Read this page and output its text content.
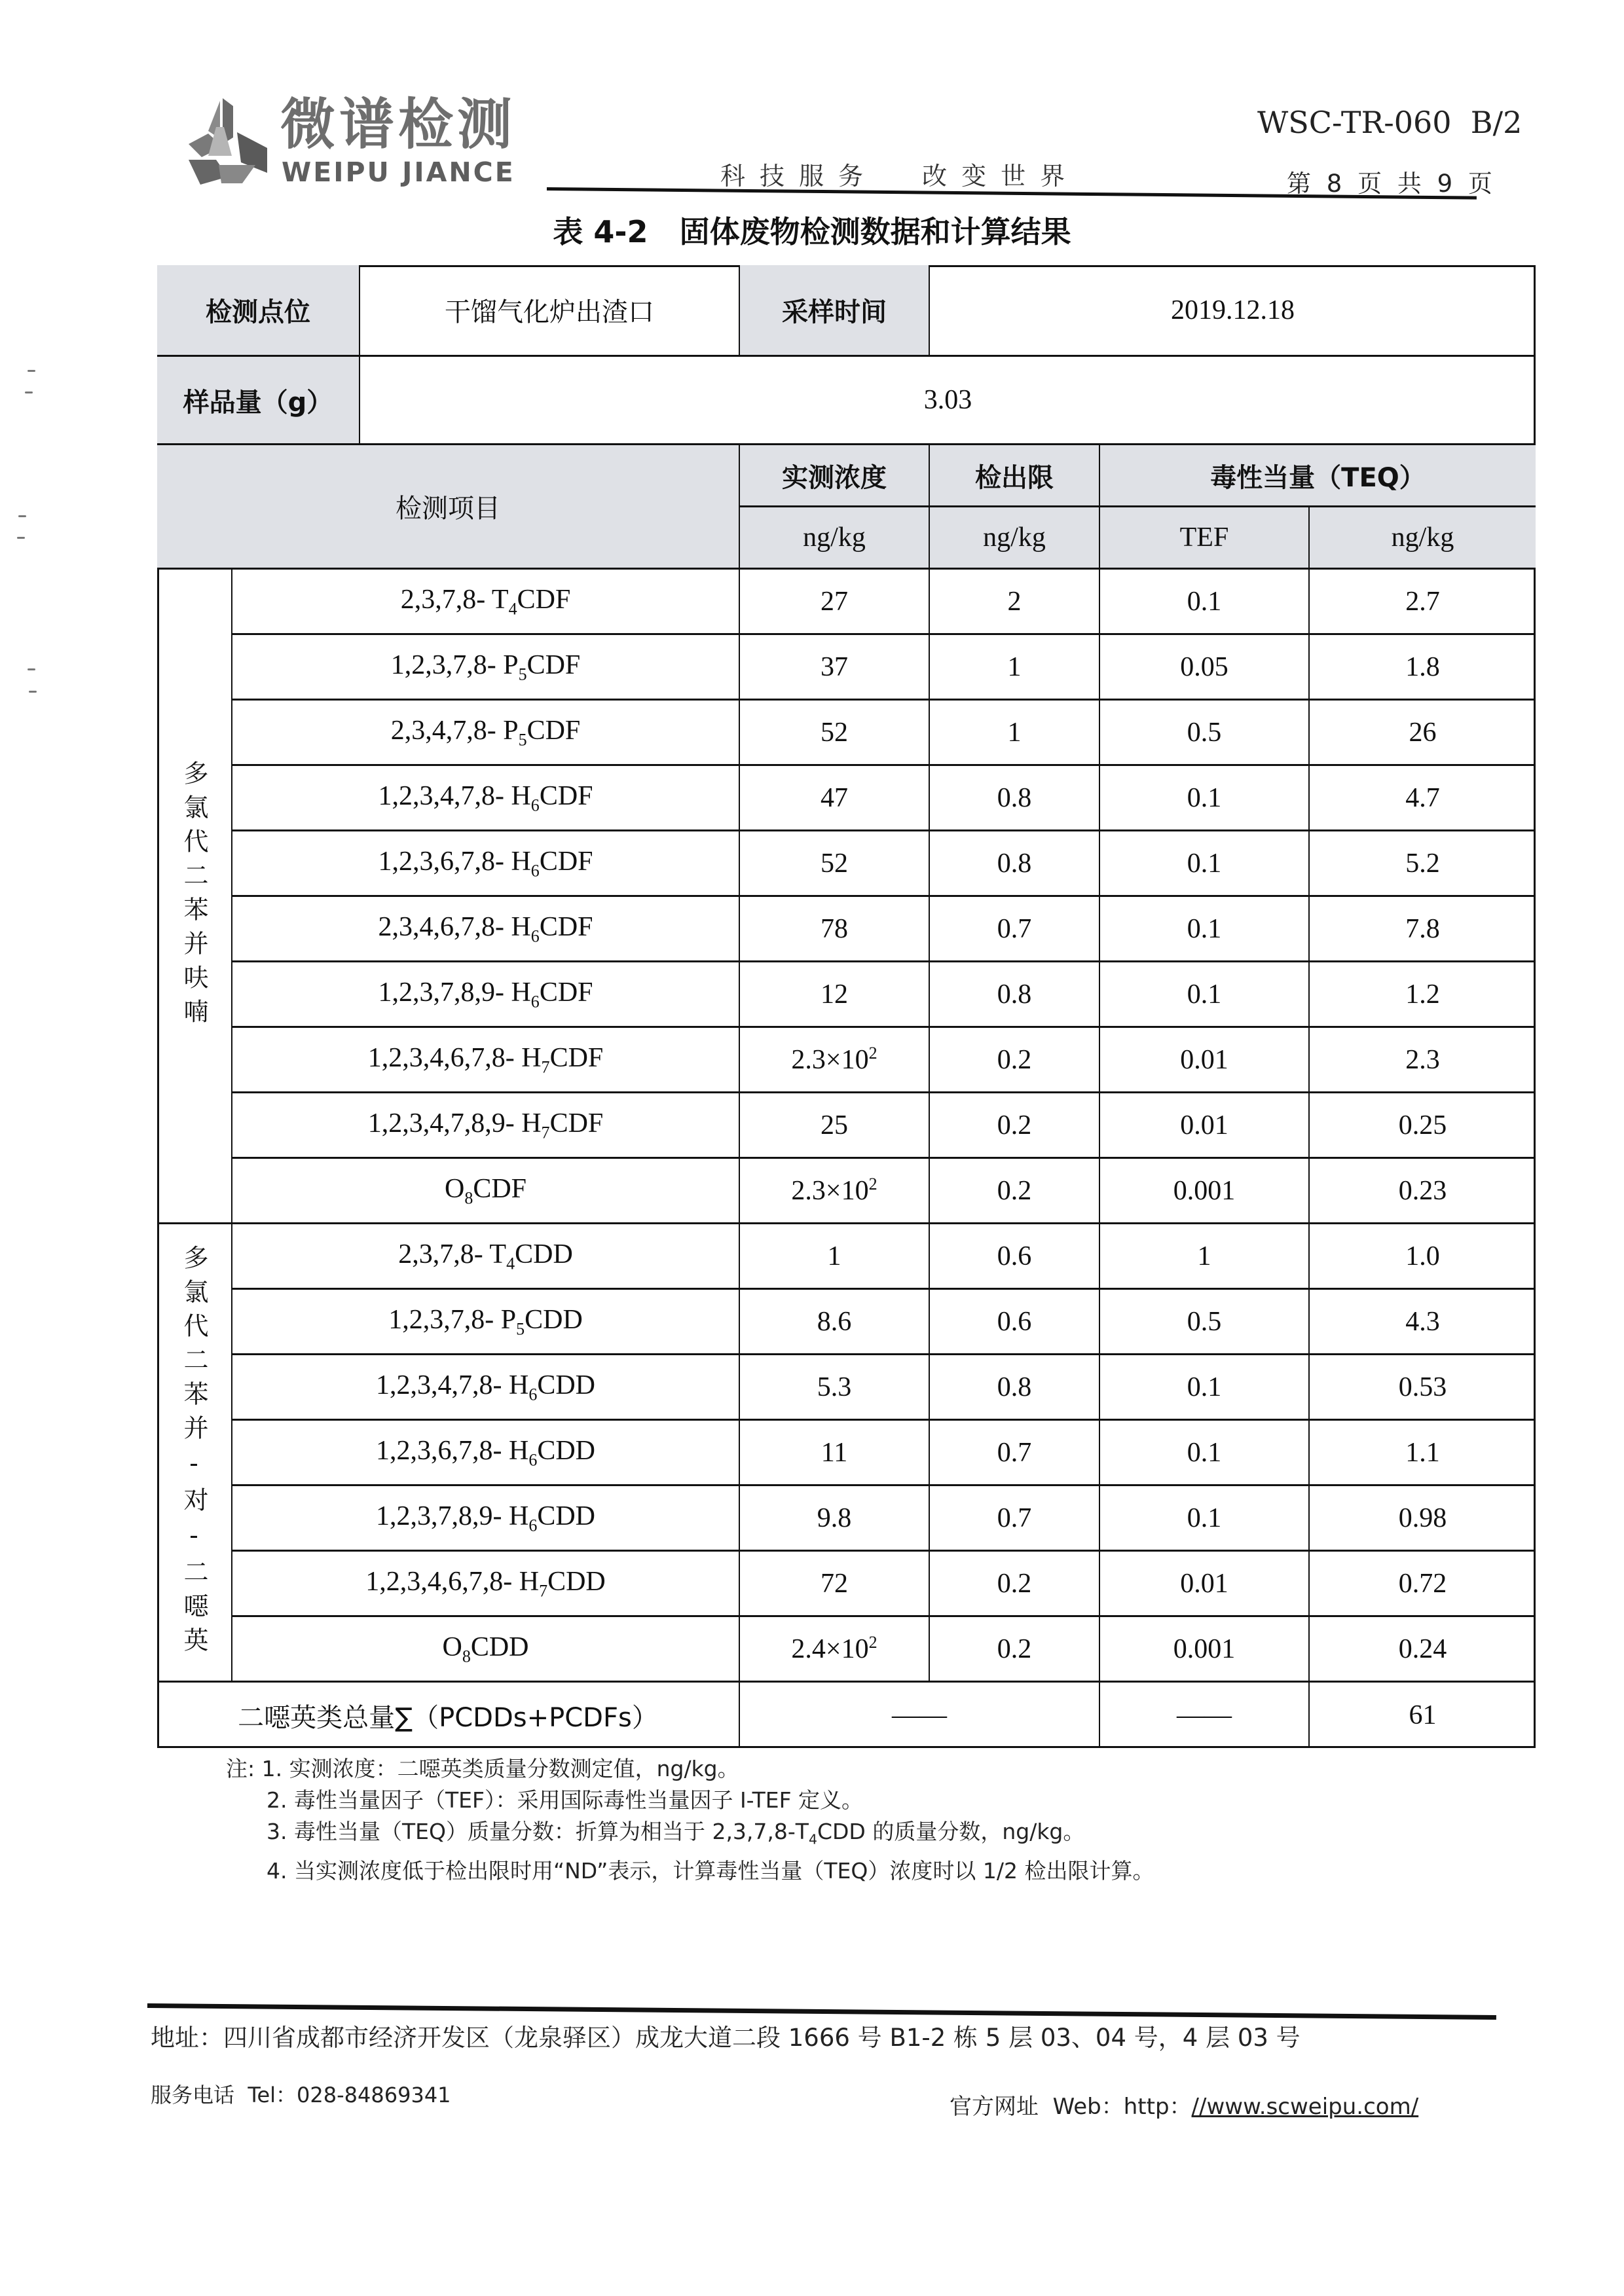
微谱检测
WEIPU JIANCE
WSC-TR-060  B/2
科技服务  改变世界	第 8 页 共 9 页
表 4-2   固体废物检测数据和计算结果
检测点位	干馏气化炉出渣口	采样时间	2019.12.18
样品量（g）	3.03
检测项目
实测浓度	检出限	毒性当量（TEQ）
ng/kg	ng/kg	TEF	ng/kg
多氯代二苯并呋喃
2,3,7,8- $T_4CDF$	27	2	0.1	2.7
1,2,3,7,8- $P_5CDF$	37	1	0.05	1.8
2,3,4,7,8- $P_5CDF$	52	1	0.5	26
1,2,3,4,7,8- $H_6CDF$	47	0.8	0.1	4.7
1,2,3,6,7,8- $H_6CDF$	52	0.8	0.1	5.2
2,3,4,6,7,8- $H_6CDF$	78	0.7	0.1	7.8
1,2,3,7,8,9- $H_6CDF$	12	0.8	0.1	1.2
1,2,3,4,6,7,8- $H_7CDF$	$2.3\times 10^2$	0.2	0.01	2.3
1,2,3,4,7,8,9- $H_7CDF$	25	0.2	0.01	0.25
$O_8CDF$	$2.3\times 10^2$	0.2	0.001	0.23
多氯代二苯并-对-二噁英	2,3,7,8- $T_4CDD$	1	0.6	1	1.0
1,2,3,7,8- $P_5CDD$	8.6	0.6	0.5	4.3
1,2,3,4,7,8- $H_6CDD$	5.3	0.8	0.1	0.53
1,2,3,6,7,8- $H_6CDD$	11	0.7	0.1	1.1
1,2,3,7,8,9- $H_6CDD$	9.8	0.7	0.1	0.98
1,2,3,4,6,7,8- $H_7CDD$	72	0.2	0.01	0.72
$O_8CDD$	$2.4\times 10^2$	0.2	0.001	0.24
二噁英类总量∑（PCDDs+PCDFs）	——	——	61
注: 1. 实测浓度：二噁英类质量分数测定值，ng/kg。
2. 毒性当量因子（TEF）：采用国际毒性当量因子 I-TEF 定义。
3. 毒性当量（TEQ）质量分数：折算为相当于 $2,3,7,8-T_4CDD$ 的质量分数，ng/kg。
4. 当实测浓度低于检出限时用“ND”表示，计算毒性当量（TEQ）浓度时以 1/2 检出限计算。
地址：四川省成都市经济开发区（龙泉驿区）成龙大道二段 1666 号 B1-2 栋 5 层 03、04 号，4 层 03 号
服务电话  Tel：028-84869341	官方网址  Web：http：//www.scweipu.com/
